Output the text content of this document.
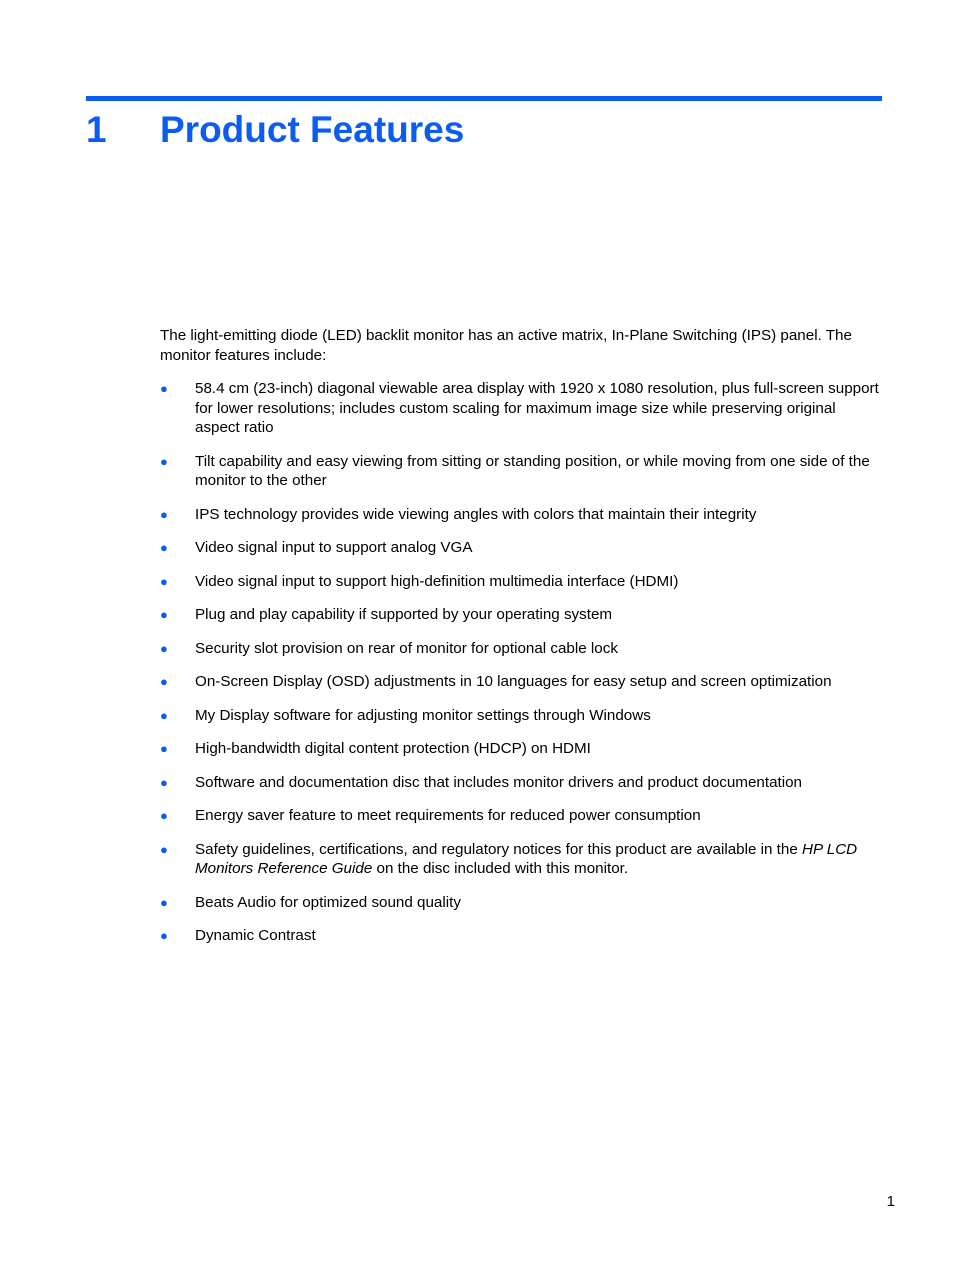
1 Product Features

The light-emitting diode (LED) backlit monitor has an active matrix, In-Plane Switching (IPS) panel. The monitor features include:

● 58.4 cm (23-inch) diagonal viewable area display with 1920 x 1080 resolution, plus full-screen support for lower resolutions; includes custom scaling for maximum image size while preserving original aspect ratio
● Tilt capability and easy viewing from sitting or standing position, or while moving from one side of the monitor to the other
● IPS technology provides wide viewing angles with colors that maintain their integrity
● Video signal input to support analog VGA
● Video signal input to support high-definition multimedia interface (HDMI)
● Plug and play capability if supported by your operating system
● Security slot provision on rear of monitor for optional cable lock
● On-Screen Display (OSD) adjustments in 10 languages for easy setup and screen optimization
● My Display software for adjusting monitor settings through Windows
● High-bandwidth digital content protection (HDCP) on HDMI
● Software and documentation disc that includes monitor drivers and product documentation
● Energy saver feature to meet requirements for reduced power consumption
● Safety guidelines, certifications, and regulatory notices for this product are available in the HP LCD Monitors Reference Guide on the disc included with this monitor.
● Beats Audio for optimized sound quality
● Dynamic Contrast
1
